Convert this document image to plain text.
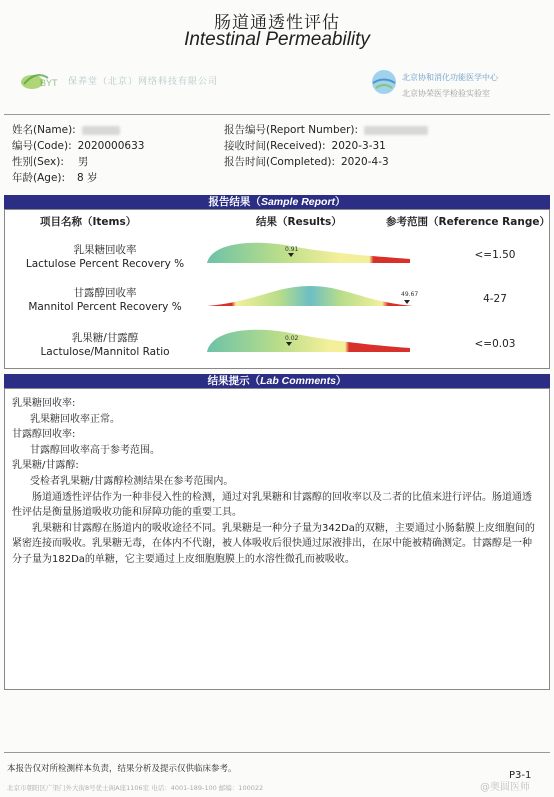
肠道通透性评估
Intestinal Permeability
BYT 保养堂（北京）网络科技有限公司	北京协和消化功能医学中心
北京协荣医学检验实验室
姓名(Name):
编号(Code): 2020000633
性别(Sex): 男
年龄(Age): 8 岁
报告编号(Report Number):
接收时间(Received): 2020-3-31
报告时间(Completed): 2020-4-3
报告结果（Sample Report）
项目名称（Items）	结果（Results）	参考范围（Reference Range）
乳果糖回收率
Lactulose Percent Recovery %
0.91	<=1.50
甘露醇回收率
Mannitol Percent Recovery %
49.67	4-27
乳果糖/甘露醇
Lactulose/Mannitol Ratio
0.02	<=0.03
结果提示（Lab Comments）

乳果糖回收率:

乳果糖回收率正常。

甘露醇回收率:

甘露醇回收率高于参考范围。

乳果糖/甘露醇:

受检者乳果糖/甘露醇检测结果在参考范围内。

肠道通透性评估作为一种非侵入性的检测，通过对乳果糖和甘露醇的回收率以及二者的比值来进行评估。肠道通透性评估是衡量肠道吸收功能和屏障功能的重要工具。

乳果糖和甘露醇在肠道内的吸收途径不同。乳果糖是一种分子量为342Da的双糖，主要通过小肠黏膜上皮细胞间的紧密连接而吸收。乳果糖无毒，在体内不代谢，被人体吸收后很快通过尿液排出，在尿中能被精确测定。甘露醇是一种分子量为182Da的单糖，它主要通过上皮细胞胞膜上的水溶性微孔而被吸收。

本报告仅对所检测样本负责，结果分析及提示仅供临床参考。
P3-1
北京市朝阳区广渠门外大街8号优士阁A座1106室 电话：4001-189-100 邮编：100022	@奥圆医师
